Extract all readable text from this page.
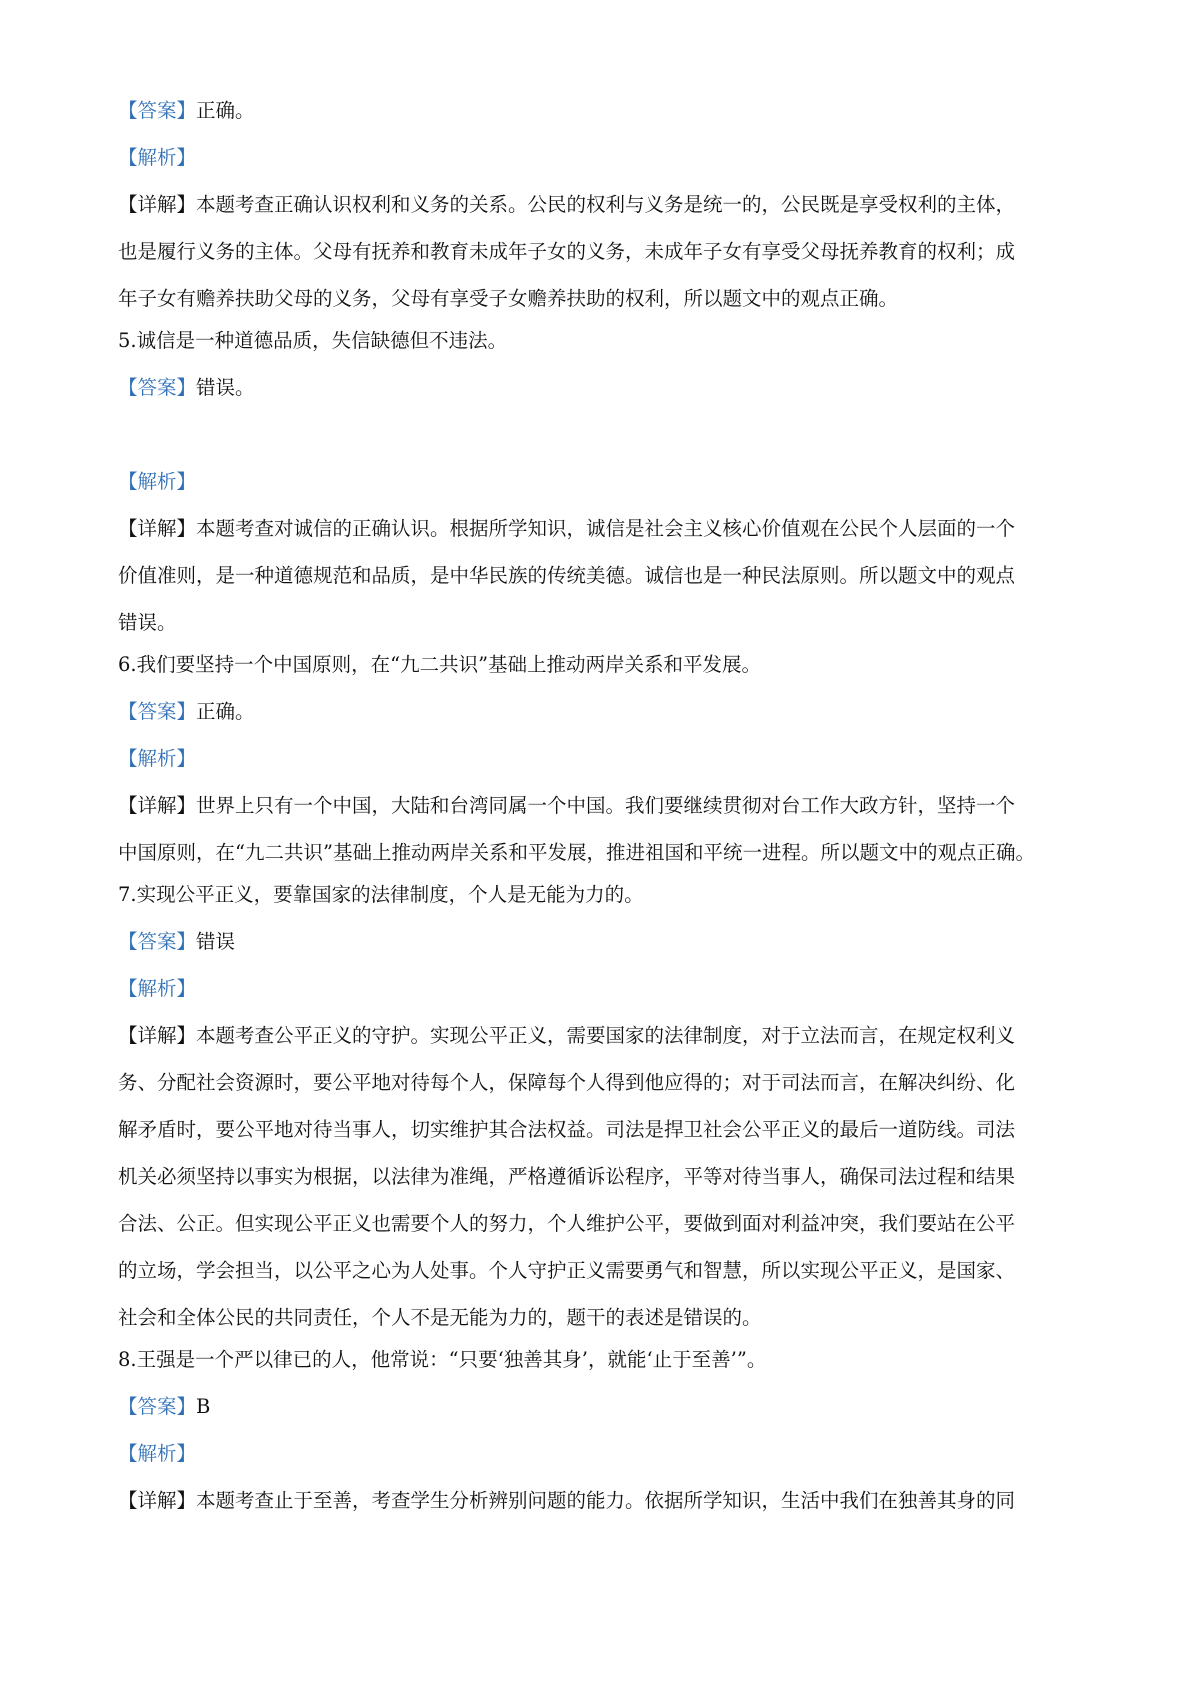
【答案】正确。
【解析】
【详解】本题考查正确认识权利和义务的关系。公民的权利与义务是统一的，公民既是享受权利的主体，
也是履行义务的主体。父母有抚养和教育未成年子女的义务，未成年子女有享受父母抚养教育的权利；成
年子女有赡养扶助父母的义务，父母有享受子女赡养扶助的权利，所以题文中的观点正确。
5.诚信是一种道德品质，失信缺德但不违法。
【答案】错误。
【解析】
【详解】本题考查对诚信的正确认识。根据所学知识，诚信是社会主义核心价值观在公民个人层面的一个
价值准则，是一种道德规范和品质，是中华民族的传统美德。诚信也是一种民法原则。所以题文中的观点
错误。
6.我们要坚持一个中国原则，在“九二共识”基础上推动两岸关系和平发展。
【答案】正确。
【解析】
【详解】世界上只有一个中国，大陆和台湾同属一个中国。我们要继续贯彻对台工作大政方针，坚持一个
中国原则，在“九二共识”基础上推动两岸关系和平发展，推进祖国和平统一进程。所以题文中的观点正确。
7.实现公平正义，要靠国家的法律制度，个人是无能为力的。
【答案】错误
【解析】
【详解】本题考查公平正义的守护。实现公平正义，需要国家的法律制度，对于立法而言，在规定权利义
务、分配社会资源时，要公平地对待每个人，保障每个人得到他应得的；对于司法而言，在解决纠纷、化
解矛盾时，要公平地对待当事人，切实维护其合法权益。司法是捍卫社会公平正义的最后一道防线。司法
机关必须坚持以事实为根据，以法律为准绳，严格遵循诉讼程序，平等对待当事人，确保司法过程和结果
合法、公正。但实现公平正义也需要个人的努力，个人维护公平，要做到面对利益冲突，我们要站在公平
的立场，学会担当，以公平之心为人处事。个人守护正义需要勇气和智慧，所以实现公平正义，是国家、
社会和全体公民的共同责任，个人不是无能为力的，题干的表述是错误的。
8.王强是一个严以律已的人，他常说：“只要‘独善其身’，就能‘止于至善’”。
【答案】B
【解析】
【详解】本题考查止于至善，考查学生分析辨别问题的能力。依据所学知识，生活中我们在独善其身的同
